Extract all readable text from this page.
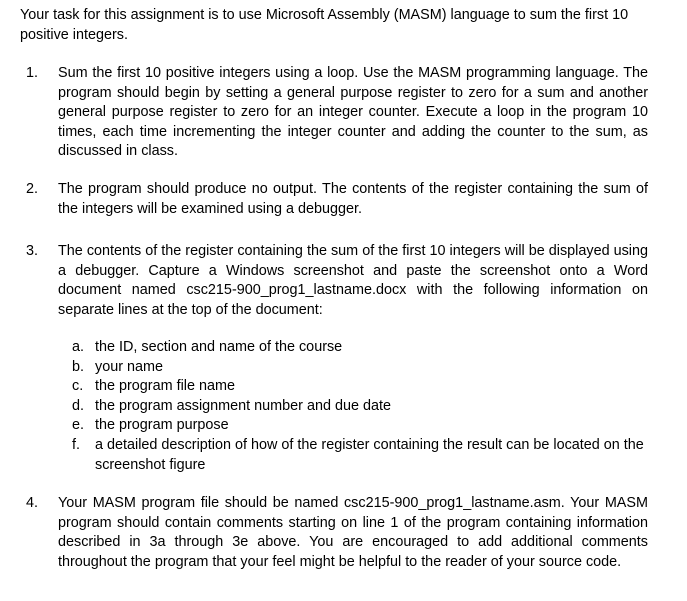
Your task for this assignment is to use Microsoft Assembly (MASM) language to sum the first 10 positive integers.
1.	Sum the first 10 positive integers using a loop. Use the MASM programming language. The program should begin by setting a general purpose register to zero for a sum and another general purpose register to zero for an integer counter. Execute a loop in the program 10 times, each time incrementing the integer counter and adding the counter to the sum, as discussed in class.
2.	The program should produce no output. The contents of the register containing the sum of the integers will be examined using a debugger.
3.	The contents of the register containing the sum of the first 10 integers will be displayed using a debugger. Capture a Windows screenshot and paste the screenshot onto a Word document named csc215-900_prog1_lastname.docx with the following information on separate lines at the top of the document:
a. the ID, section and name of the course
b. your name
c. the program file name
d. the program assignment number and due date
e. the program purpose
f. a detailed description of how of the register containing the result can be located on the screenshot figure
4.	Your MASM program file should be named csc215-900_prog1_lastname.asm. Your MASM program should contain comments starting on line 1 of the program containing information described in 3a through 3e above. You are encouraged to add additional comments throughout the program that your feel might be helpful to the reader of your source code.
